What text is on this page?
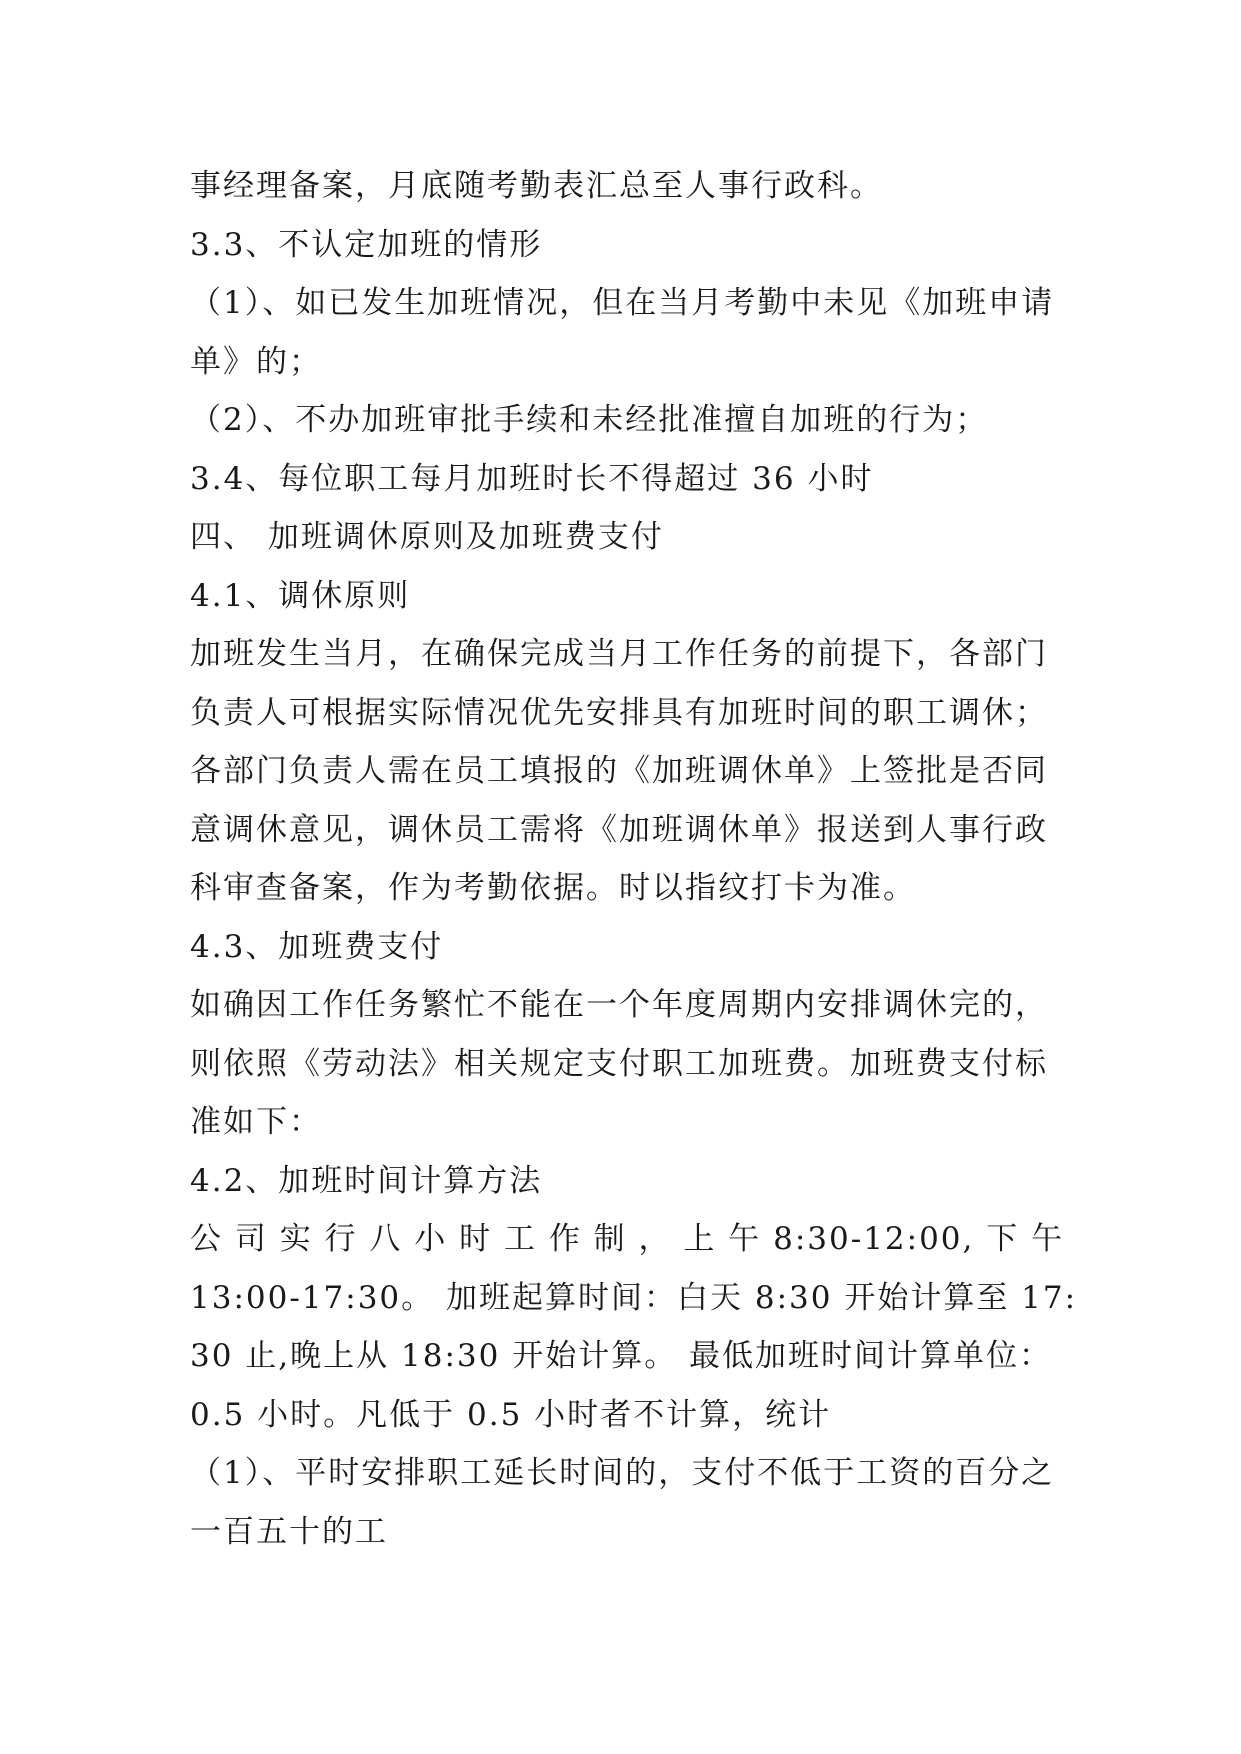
事经理备案，月底随考勤表汇总至人事行政科。
3.3、不认定加班的情形
（1）、如已发生加班情况，但在当月考勤中未见《加班申请
单》的；
（2）、不办加班审批手续和未经批准擅自加班的行为；
3.4、每位职工每月加班时长不得超过 36 小时
四、 加班调休原则及加班费支付
4.1、调休原则
加班发生当月，在确保完成当月工作任务的前提下，各部门
负责人可根据实际情况优先安排具有加班时间的职工调休；
各部门负责人需在员工填报的《加班调休单》上签批是否同
意调休意见，调休员工需将《加班调休单》报送到人事行政
科审查备案，作为考勤依据。时以指纹打卡为准。
4.3、加班费支付
如确因工作任务繁忙不能在一个年度周期内安排调休完的，
则依照《劳动法》相关规定支付职工加班费。加班费支付标
准如下：
4.2、加班时间计算方法
公 司 实 行 八 小 时 工 作 制 ， 上 午 8:30-12:00, 下 午
13:00-17:30。 加班起算时间：白天 8:30 开始计算至 17:
30 止,晚上从 18:30 开始计算。 最低加班时间计算单位：
0.5 小时。凡低于 0.5 小时者不计算，统计
（1）、平时安排职工延长时间的，支付不低于工资的百分之
一百五十的工
